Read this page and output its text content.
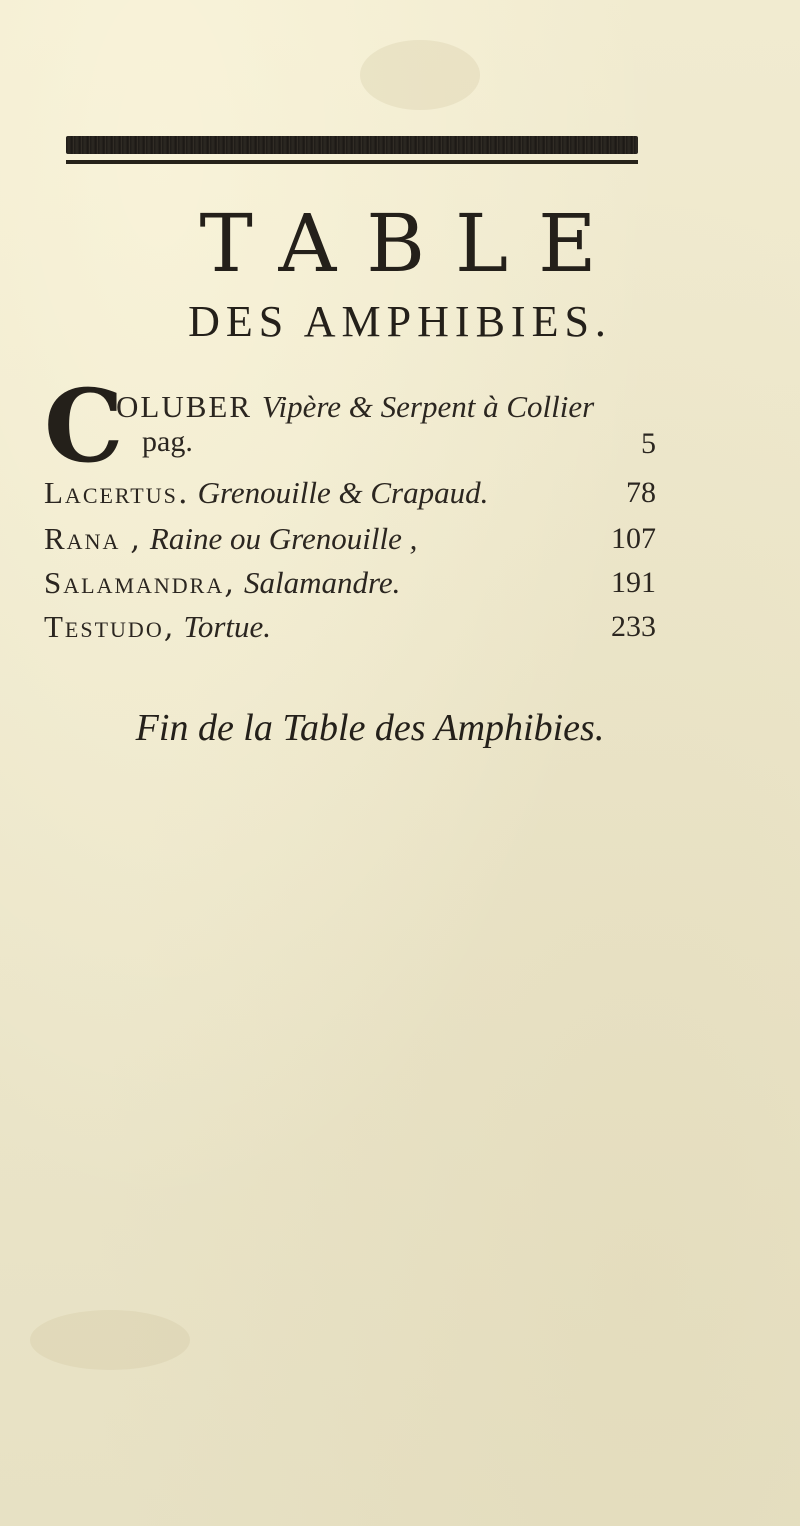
TABLE
DES AMPHIBIES.
C
OLUBER Vipère & Serpent à Collier
pag.	5
Lacertus. Grenouille & Crapaud.	78
Rana , Raine ou Grenouille ,	107
Salamandra, Salamandre.	191
Testudo, Tortue.	233
Fin de la Table des Amphibies.
